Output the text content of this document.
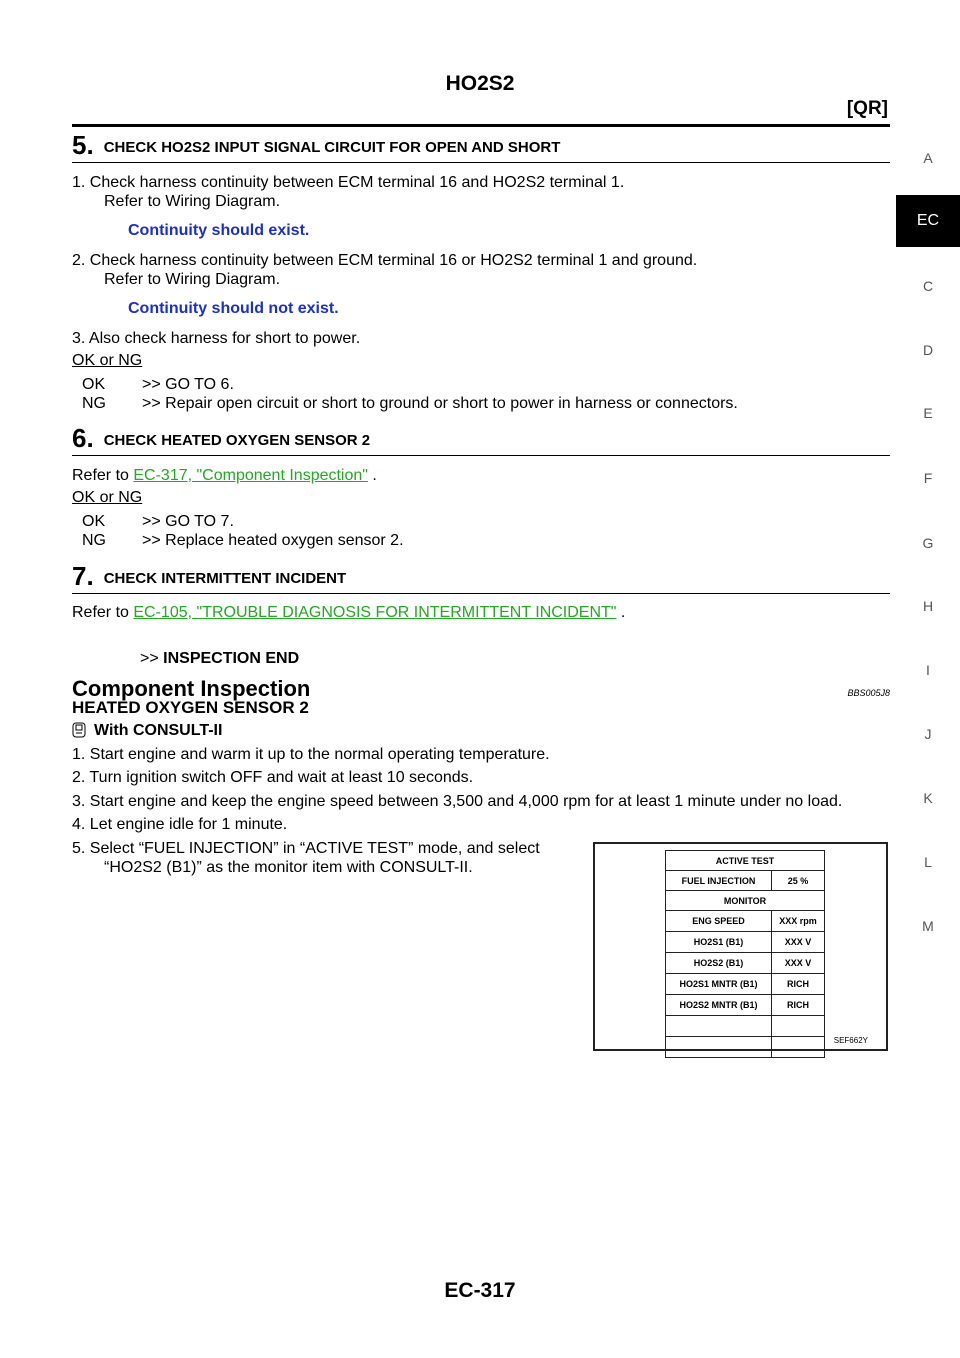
HO2S2
[QR]
5. CHECK HO2S2 INPUT SIGNAL CIRCUIT FOR OPEN AND SHORT
1. Check harness continuity between ECM terminal 16 and HO2S2 terminal 1.
Refer to Wiring Diagram.
Continuity should exist.
2. Check harness continuity between ECM terminal 16 or HO2S2 terminal 1 and ground.
Refer to Wiring Diagram.
Continuity should not exist.
3. Also check harness for short to power.
OK or NG
OK >> GO TO 6.
NG >> Repair open circuit or short to ground or short to power in harness or connectors.
6. CHECK HEATED OXYGEN SENSOR 2
Refer to EC-317, "Component Inspection" .
OK or NG
OK >> GO TO 7.
NG >> Replace heated oxygen sensor 2.
7. CHECK INTERMITTENT INCIDENT
Refer to EC-105, "TROUBLE DIAGNOSIS FOR INTERMITTENT INCIDENT" .
>> INSPECTION END
Component Inspection	BBS005J8
HEATED OXYGEN SENSOR 2
With CONSULT-II
1. Start engine and warm it up to the normal operating temperature.
2. Turn ignition switch OFF and wait at least 10 seconds.
3. Start engine and keep the engine speed between 3,500 and 4,000 rpm for at least 1 minute under no load.
4. Let engine idle for 1 minute.
5. Select “FUEL INJECTION” in “ACTIVE TEST” mode, and select
“HO2S2 (B1)” as the monitor item with CONSULT-II.	ACTIVE TEST	
FUEL INJECTION	25 %
MONITOR	
ENG SPEED	XXX rpm
HO2S1 (B1)	XXX V
HO2S2 (B1)	XXX V
HO2S1 MNTR (B1)	RICH
HO2S2 MNTR (B1)	RICH

SEF662Y
A
EC
C
D
E
F
G
H
I
J
K
L
M
EC-317
